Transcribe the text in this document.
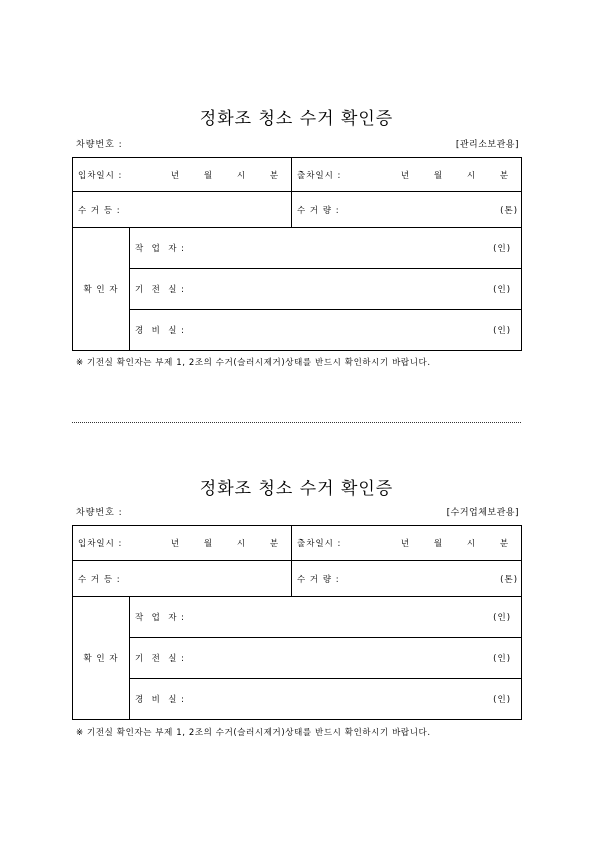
정화조 청소 수거 확인증
차량번호 :	[관리소보관용]
입차일시 : 년 월 시 분		출차일시 : 년 월 시 분

수 거 등 :		수 거 량 : (톤)

확 인 자	작  업  자 : (인)	

	기  전  실 : (인)	

	경  비  실 : (인)	
※ 기전실 확인자는 부제 1, 2조의 수거(슬러시제거)상태를 반드시 확인하시기 바랍니다.
정화조 청소 수거 확인증
차량번호 :	[수거업체보관용]
입차일시 : 년 월 시 분		출차일시 : 년 월 시 분

수 거 등 :		수 거 량 : (톤)

확 인 자	작  업  자 : (인)	

	기  전  실 : (인)	

	경  비  실 : (인)	
※ 기전실 확인자는 부제 1, 2조의 수거(슬러시제거)상태를 반드시 확인하시기 바랍니다.
